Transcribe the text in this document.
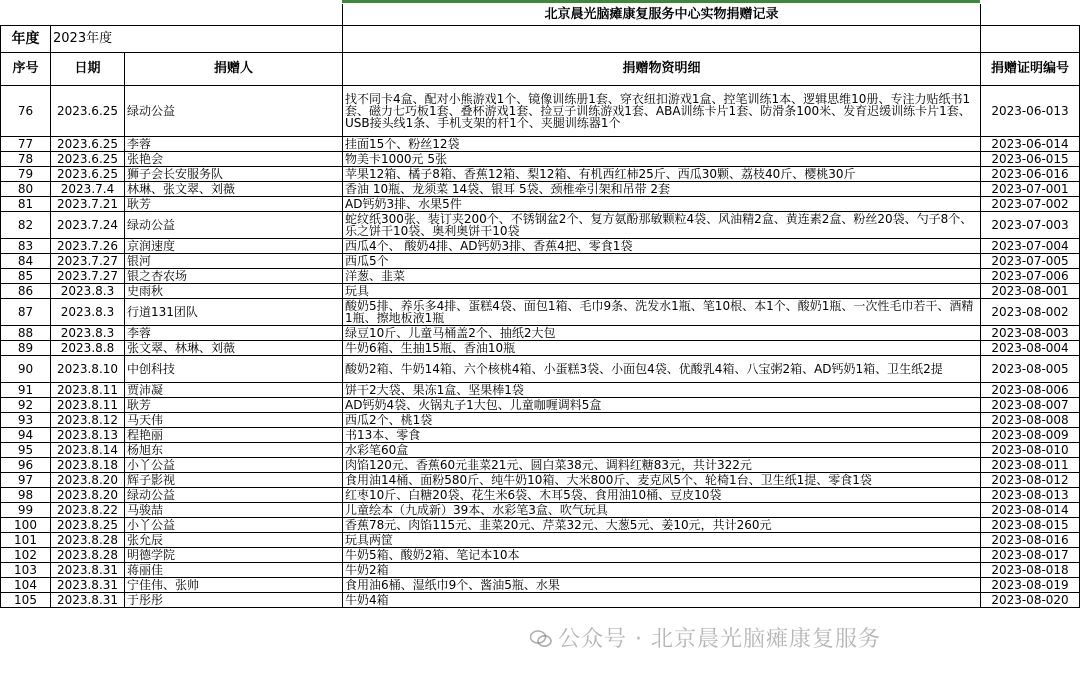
			北京晨光脑瘫康复服务中心实物捐赠记录	
年度	2023年度			
序号	日期	捐赠人	捐赠物资明细	捐赠证明编号
76	2023.6.25	绿动公益	找不同卡4盒、配对小熊游戏1个、镜像训练册1套、穿衣纽扣游戏1盒、控笔训练1本、逻辑思维10册、专注力贴纸书1套、磁力七巧板1套、叠杯游戏1套、捡豆子训练游戏1套、ABA训练卡片1套、防滑条100米、发育迟缓训练卡片1套、USB接头线1条、手机支架的杆1个、夹腿训练器1个	2023-06-013
77	2023.6.25	李蓉	挂面15个、粉丝12袋	2023-06-014
78	2023.6.25	张艳会	物美卡1000元 5张	2023-06-015
79	2023.6.25	狮子会长安服务队	苹果12箱、橘子8箱、香蕉12箱、梨12箱、有机西红柿25斤、西瓜30颗、荔枝40斤、樱桃30斤	2023-06-016
80	2023.7.4	林琳、张文翠、刘薇	香油 10瓶、龙须菜 14袋、银耳 5袋、颈椎牵引架和吊带 2套	2023-07-001
81	2023.7.21	耿芳	AD钙奶3排、水果5件	2023-07-002
82	2023.7.24	绿动公益	蛇纹纸300张、装订夹200个、不锈钢盆2个、复方氨酚那敏颗粒4袋、风油精2盒、黄连素2盒、粉丝20袋、勺子8个、乐之饼干10袋、奥利奥饼干10袋	2023-07-003
83	2023.7.26	京润速度	西瓜4个、 酸奶4排、AD钙奶3排、香蕉4把、零食1袋	2023-07-004
84	2023.7.27	银河	西瓜5个	2023-07-005
85	2023.7.27	银之杏农场	洋葱、韭菜	2023-07-006
86	2023.8.3	史雨秋	玩具	2023-08-001
87	2023.8.3	行道131团队	酸奶5排、养乐多4排、蛋糕4袋、面包1箱、毛巾9条、洗发水1瓶、笔10根、本1个、酸奶1瓶、一次性毛巾若干、酒精1瓶、擦地板液1瓶	2023-08-002
88	2023.8.3	李蓉	绿豆10斤、儿童马桶盖2个、抽纸2大包	2023-08-003
89	2023.8.8	张文翠、林琳、刘薇	牛奶6箱、生抽15瓶、香油10瓶	2023-08-004
90	2023.8.10	中创科技	酸奶2箱、牛奶14箱、六个核桃4箱、小蛋糕3袋、小面包4袋、优酸乳4箱、八宝粥2箱、AD钙奶1箱、卫生纸2提	2023-08-005
91	2023.8.11	贾沛凝	饼干2大袋、果冻1盒、坚果棒1袋	2023-08-006
92	2023.8.11	耿芳	AD钙奶4袋、火锅丸子1大包、儿童咖喱调料5盒	2023-08-007
93	2023.8.12	马天伟	西瓜2个、桃1袋	2023-08-008
94	2023.8.13	程艳丽	书13本、零食	2023-08-009
95	2023.8.14	杨旭东	水彩笔60盒	2023-08-010
96	2023.8.18	小丫公益	肉馅120元、香蕉60元韭菜21元、圆白菜38元、调料红糖83元，共计322元	2023-08-011
97	2023.8.20	辉子影视	食用油14桶、面粉580斤、纯牛奶10箱、大米800斤、麦克风5个、轮椅1台、卫生纸1提、零食1袋	2023-08-012
98	2023.8.20	绿动公益	红枣10斤、白糖20袋、花生米6袋、木耳5袋、食用油10桶、豆皮10袋	2023-08-013
99	2023.8.22	马骏喆	儿童绘本（九成新）39本、水彩笔3盒、吹气玩具	2023-08-014
100	2023.8.25	小丫公益	香蕉78元、肉馅115元、韭菜20元、芹菜32元、大葱5元、姜10元，共计260元	2023-08-015
101	2023.8.28	张允辰	玩具两筐	2023-08-016
102	2023.8.28	明德学院	牛奶5箱、酸奶2箱、笔记本10本	2023-08-017
103	2023.8.31	蒋丽佳	牛奶2箱	2023-08-018
104	2023.8.31	宁佳伟、张帅	食用油6桶、湿纸巾9个、酱油5瓶、水果	2023-08-019
105	2023.8.31	于彤彤	牛奶4箱	2023-08-020
公众号 · 北京晨光脑瘫康复服务
